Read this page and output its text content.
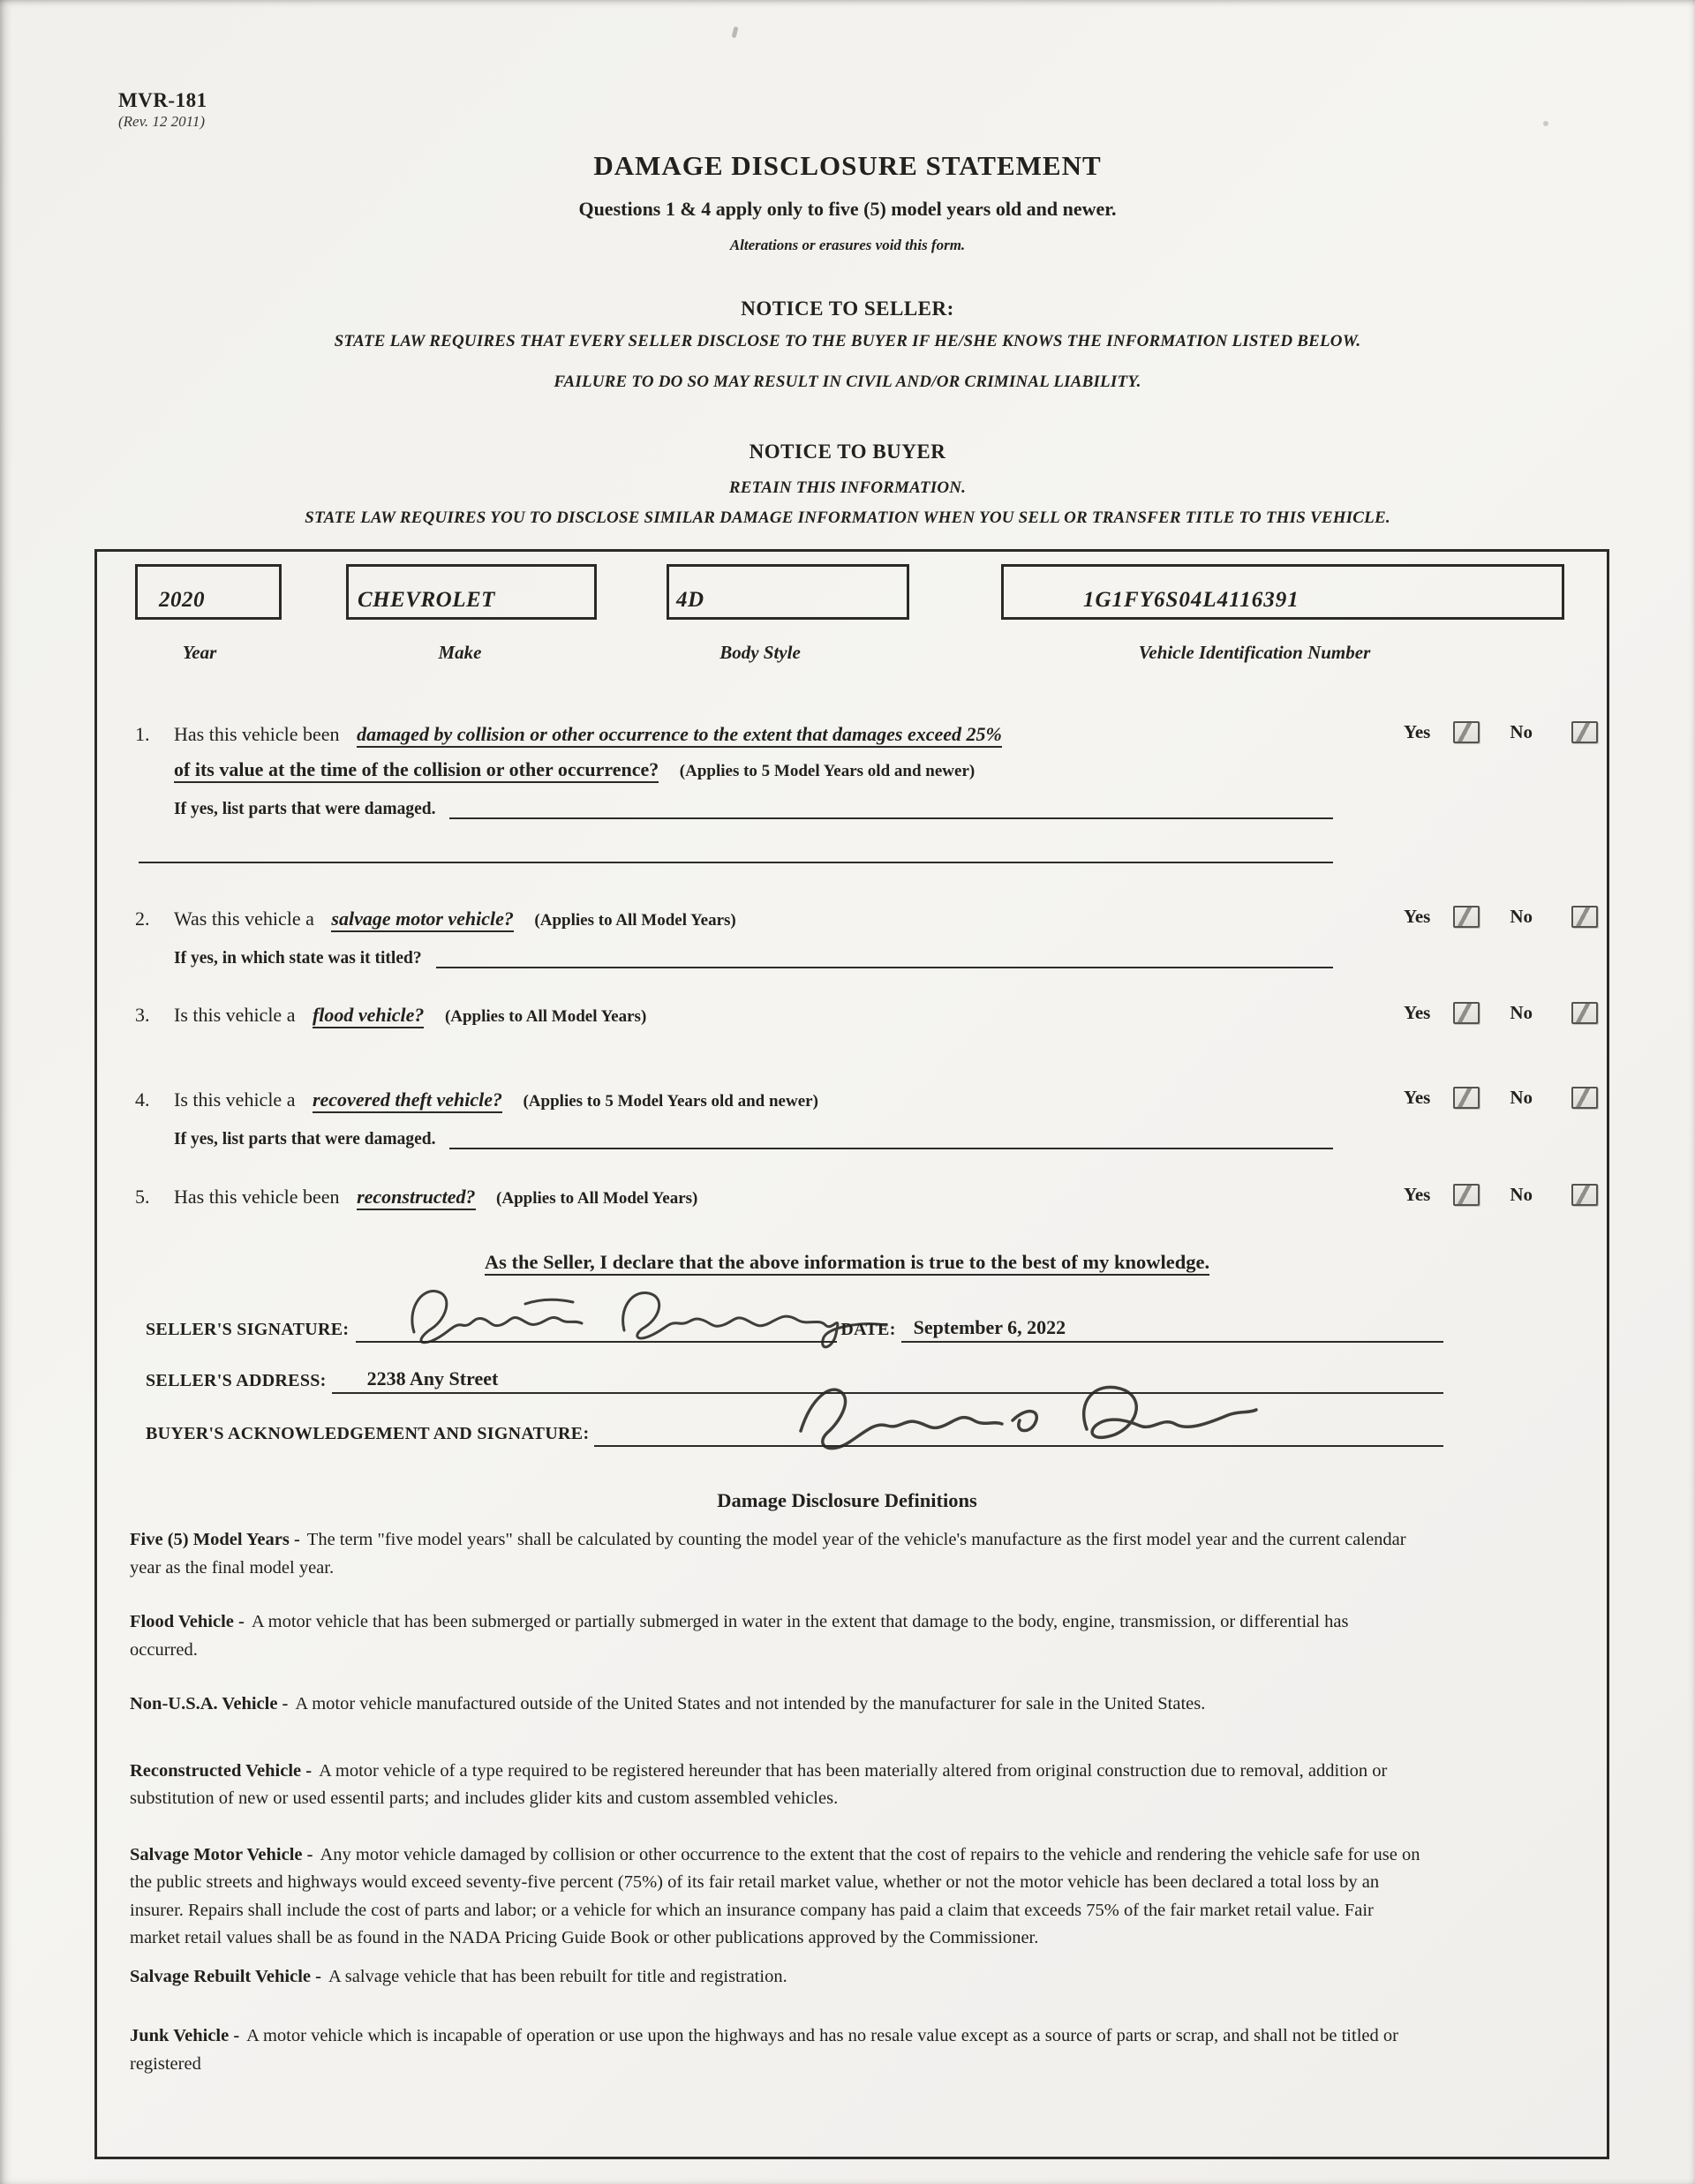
MVR-181
(Rev. 12 2011)
DAMAGE DISCLOSURE STATEMENT
Questions 1 & 4 apply only to five (5) model years old and newer.
Alterations or erasures void this form.
NOTICE TO SELLER:
STATE LAW REQUIRES THAT EVERY SELLER DISCLOSE TO THE BUYER IF HE/SHE KNOWS THE INFORMATION LISTED BELOW.
FAILURE TO DO SO MAY RESULT IN CIVIL AND/OR CRIMINAL LIABILITY.
NOTICE TO BUYER
RETAIN THIS INFORMATION.
STATE LAW REQUIRES YOU TO DISCLOSE SIMILAR DAMAGE INFORMATION WHEN YOU SELL OR TRANSFER TITLE TO THIS VEHICLE.
2020	CHEVROLET	4D	1G1FY6S04L4116391
Year	Make	Body Style	Vehicle Identification Number
1. Has this vehicle been damaged by collision or other occurrence to the extent that damages exceed 25%
of its value at the time of the collision or other occurrence? (Applies to 5 Model Years old and newer)
If yes, list parts that were damaged.
Yes	No
2. Was this vehicle a salvage motor vehicle? (Applies to All Model Years)
If yes, in which state was it titled?
Yes	No
3. Is this vehicle a flood vehicle? (Applies to All Model Years)	Yes	No
4. Is this vehicle a recovered theft vehicle? (Applies to 5 Model Years old and newer)
If yes, list parts that were damaged.
Yes	No
5. Has this vehicle been reconstructed? (Applies to All Model Years)	Yes	No
As the Seller, I declare that the above information is true to the best of my knowledge.
SELLER'S SIGNATURE:	DATE: September 6, 2022
SELLER'S ADDRESS:	2238 Any Street
BUYER'S ACKNOWLEDGEMENT AND SIGNATURE:
Damage Disclosure Definitions

Five (5) Model Years - The term "five model years" shall be calculated by counting the model year of the vehicle's manufacture as the first model year and the current calendar year as the final model year.

Flood Vehicle - A motor vehicle that has been submerged or partially submerged in water in the extent that damage to the body, engine, transmission, or differential has occurred.

Non-U.S.A. Vehicle - A motor vehicle manufactured outside of the United States and not intended by the manufacturer for sale in the United States.

Reconstructed Vehicle - A motor vehicle of a type required to be registered hereunder that has been materially altered from original construction due to removal, addition or substitution of new or used essentil parts; and includes glider kits and custom assembled vehicles.

Salvage Motor Vehicle - Any motor vehicle damaged by collision or other occurrence to the extent that the cost of repairs to the vehicle and rendering the vehicle safe for use on the public streets and highways would exceed seventy-five percent (75%) of its fair retail market value, whether or not the motor vehicle has been declared a total loss by an insurer. Repairs shall include the cost of parts and labor; or a vehicle for which an insurance company has paid a claim that exceeds 75% of the fair market retail value. Fair market retail values shall be as found in the NADA Pricing Guide Book or other publications approved by the Commissioner.

Salvage Rebuilt Vehicle - A salvage vehicle that has been rebuilt for title and registration.

Junk Vehicle - A motor vehicle which is incapable of operation or use upon the highways and has no resale value except as a source of parts or scrap, and shall not be titled or registered
